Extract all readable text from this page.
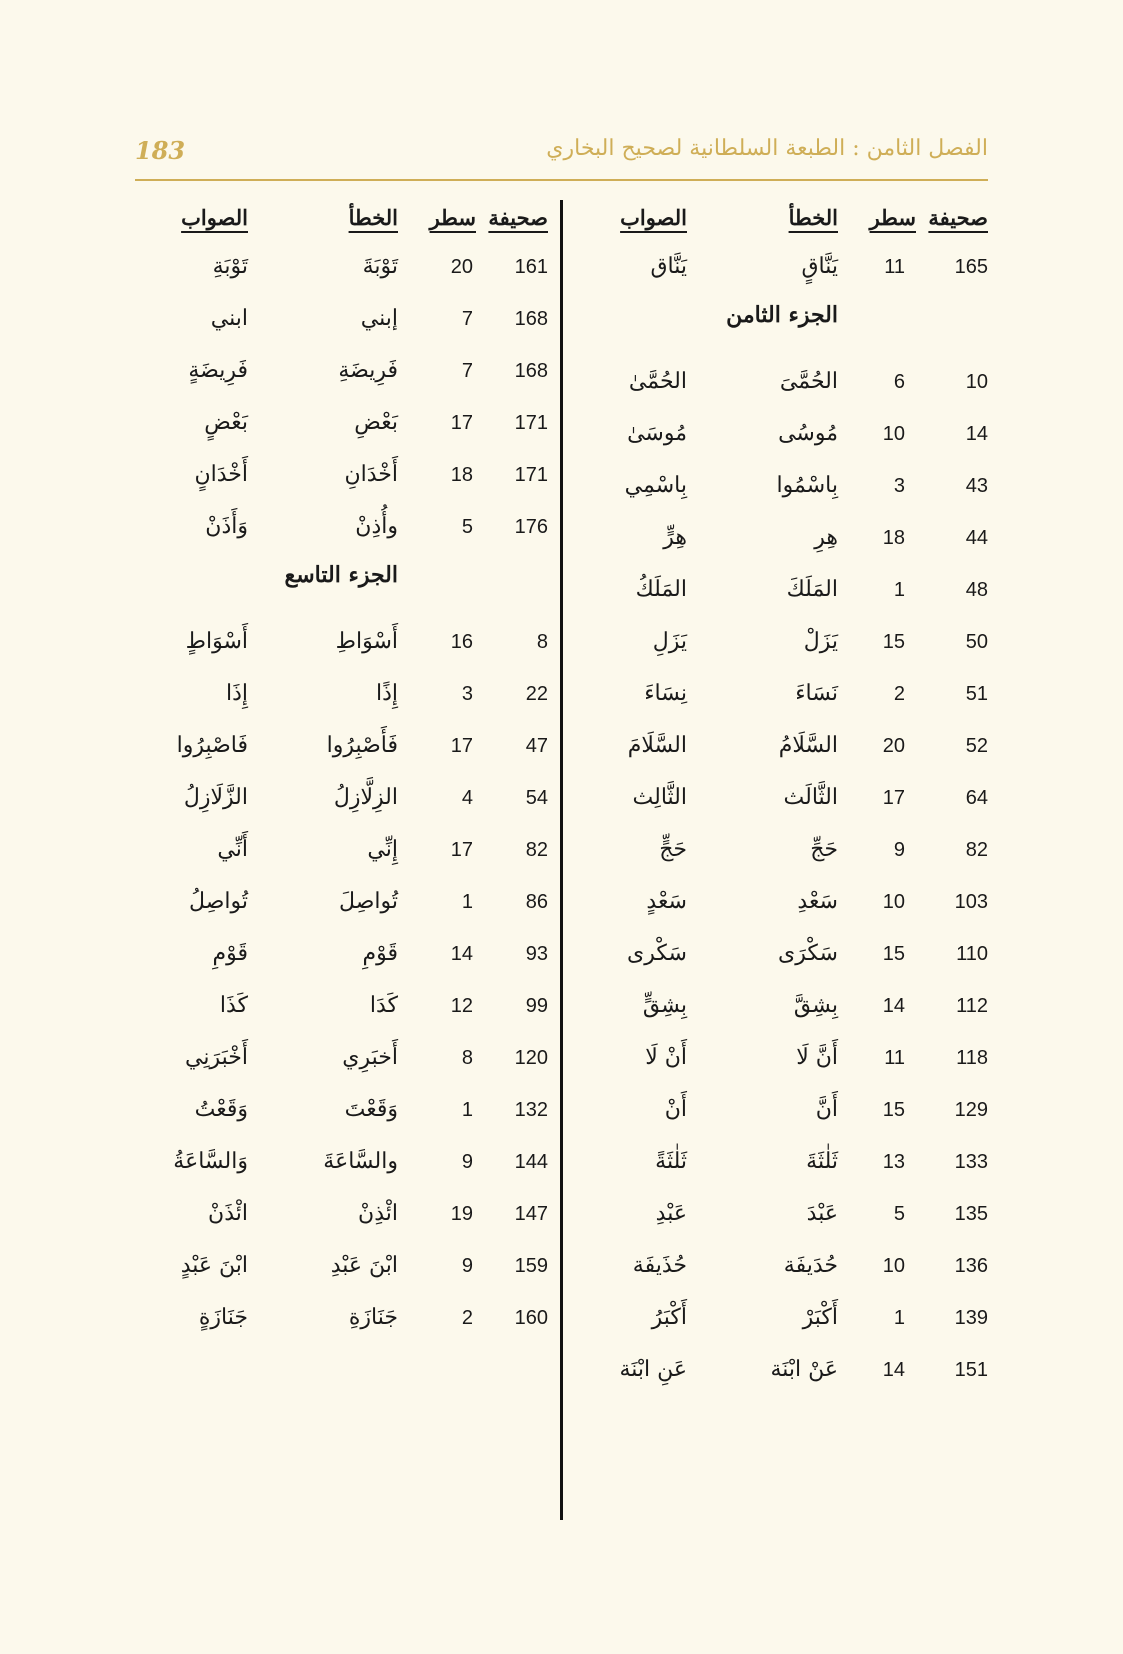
الفصل الثامن : الطبعة السلطانية لصحيح البخاري
183
صحيفة
سطر
الخطأ
الصواب
صحيفة
سطر
الخطأ
الصواب
165
11
يَنَّاقٍ
يَنَّاق
الجزء الثامن
10
6
الحُمَّىَ
الحُمَّىٰ
14
10
مُوسُى
مُوسَىٰ
43
3
بِاسْمُوا
بِاسْمِي
44
18
هِرِ
هِرٍّ
48
1
المَلَكَ
المَلَكُ
50
15
يَزَلْ
يَزَلِ
51
2
نَسَاءَ
نِسَاءَ
52
20
السَّلَامُ
السَّلَامَ
64
17
الثَّالَث
الثَّالِث
82
9
حَجِّ
حَجٍّ
103
10
سَعْدِ
سَعْدٍ
110
15
سَكْرَى
سَكْرى
112
14
بِشِقَّ
بِشِقٍّ
118
11
أَنَّ لَا
أَنْ لَا
129
15
أَنَّ
أَنْ
133
13
ثَلٰثَةَ
ثَلٰثَةً
135
5
عَبْدَ
عَبْدِ
136
10
حُدَيفَة
حُذَيفَة
139
1
أَكْبَرْ
أَكْبَرُ
151
14
عَنْ ابْنَة
عَنِ ابْنَة
161
20
تَوْبَةَ
تَوْبَةِ
168
7
إبني
ابني
168
7
فَرِيضَةِ
فَرِيضَةٍ
171
17
بَعْضِ
بَعْضٍ
171
18
أَخْدَانِ
أَخْدَانٍ
176
5
وأُذِنْ
وَأَذَنْ
الجزء التاسع
8
16
أَسْوَاطِ
أَسْوَاطٍ
22
3
إِذًا
إِذَا
47
17
فَأَصْبِرُوا
فَاصْبِرُوا
54
4
الزِلَّازِلُ
الزَّلَازِلُ
82
17
إِنِّي
أَنِّي
86
1
تُواصِلَ
تُواصِلُ
93
14
قَوْمِ
قَوْمِ
99
12
كَدَا
كَذَا
120
8
أَخبَرِي
أَخْبَرَنِي
132
1
وَقَعْتَ
وَقَعْتُ
144
9
والسَّاعَةَ
وَالسَّاعَةُ
147
19
ائْذِنْ
ائْذَنْ
159
9
ابْنَ عَبْدِ
ابْنَ عَبْدٍ
160
2
جَنَازَةِ
جَنَازَةٍ
